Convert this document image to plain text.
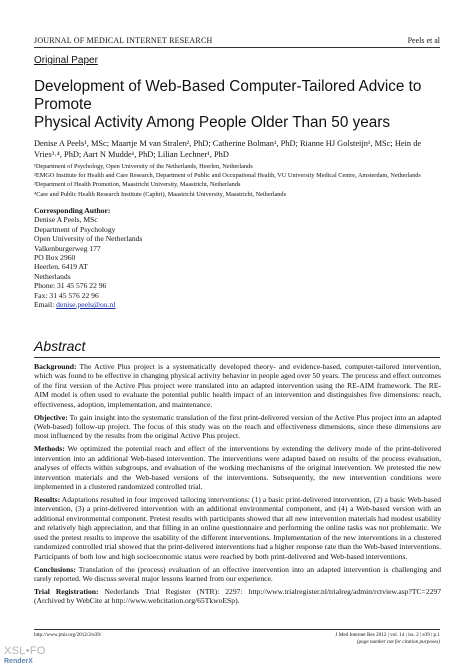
JOURNAL OF MEDICAL INTERNET RESEARCH	Peels et al
Original Paper
Development of Web-Based Computer-Tailored Advice to Promote
Physical Activity Among People Older Than 50 years
Denise A Peels¹, MSc; Maartje M van Stralen², PhD; Catherine Bolman¹, PhD; Rianne HJ Golsteijn¹, MSc; Hein de
Vries³˒⁴, PhD; Aart N Mudde¹, PhD; Lilian Lechner¹, PhD
¹Department of Psychology, Open University of the Netherlands, Heerlen, Netherlands
²EMGO Institute for Health and Care Research, Department of Public and Occupational Health, VU University Medical Centre, Amsterdam, Netherlands
³Department of Health Promotion, Maastricht University, Maastricht, Netherlands
⁴Care and Public Health Research Institute (Caphri), Maastricht University, Maastricht, Netherlands
Corresponding Author:
Denise A Peels, MSc
Department of Psychology
Open University of the Netherlands
Valkenburgerweg 177
PO Box 2960
Heerlen, 6419 AT
Netherlands
Phone: 31 45 576 22 96
Fax: 31 45 576 22 96
Email: denise.peels@ou.nl
Abstract

Background: The Active Plus project is a systematically developed theory- and evidence-based, computer-tailored intervention, which was found to be effective in changing physical activity behavior in people aged over 50 years. The process and effect outcomes of the first version of the Active Plus project were translated into an adapted intervention using the RE-AIM framework. The RE-AIM model is often used to evaluate the potential public health impact of an intervention and distinguishes five dimensions: reach, effectiveness, adoption, implementation, and maintenance.

Objective: To gain insight into the systematic translation of the first print-delivered version of the Active Plus project into an adapted (Web-based) follow-up project. The focus of this study was on the reach and effectiveness dimensions, since these dimensions are most influenced by the results from the original Active Plus project.

Methods: We optimized the potential reach and effect of the interventions by extending the delivery mode of the print-delivered intervention into an additional Web-based intervention. The interventions were adapted based on results of the process evaluation, analyses of effects within subgroups, and evaluation of the working mechanisms of the original intervention. We pretested the new intervention materials and the Web-based versions of the interventions. Subsequently, the new intervention conditions were implemented in a clustered randomized controlled trial.

Results: Adaptations resulted in four improved tailoring interventions: (1) a basic print-delivered intervention, (2) a basic Web-based intervention, (3) a print-delivered intervention with an additional environmental component, and (4) a Web-based version with an additional environmental component. Pretest results with participants showed that all new intervention materials had modest usability and relatively high appreciation, and that filling in an online questionnaire and performing the online tasks was not problematic. We used the pretest results to improve the usability of the different interventions. Implementation of the new interventions in a clustered randomized controlled trial showed that the print-delivered interventions had a higher response rate than the Web-based interventions. Participants of both low and high socioeconomic status were reached by both print-delivered and Web-based interventions.

Conclusions: Translation of the (process) evaluation of an effective intervention into an adapted intervention is challenging and rarely reported. We discuss several major lessons learned from our experience.

Trial Registration: Nederlands Trial Register (NTR): 2297: http://www.trialregister.nl/trialreg/admin/rctview.asp?TC=2297 (Archived by WebCite at http://www.webcitation.org/65TkwoESp).

http://www.jmir.org/2012/2/e39/	J Med Internet Res 2012 | vol. 14 | iss. 2 | e39 | p.1
(page number not for citation purposes)
XSL•FO
RenderX
